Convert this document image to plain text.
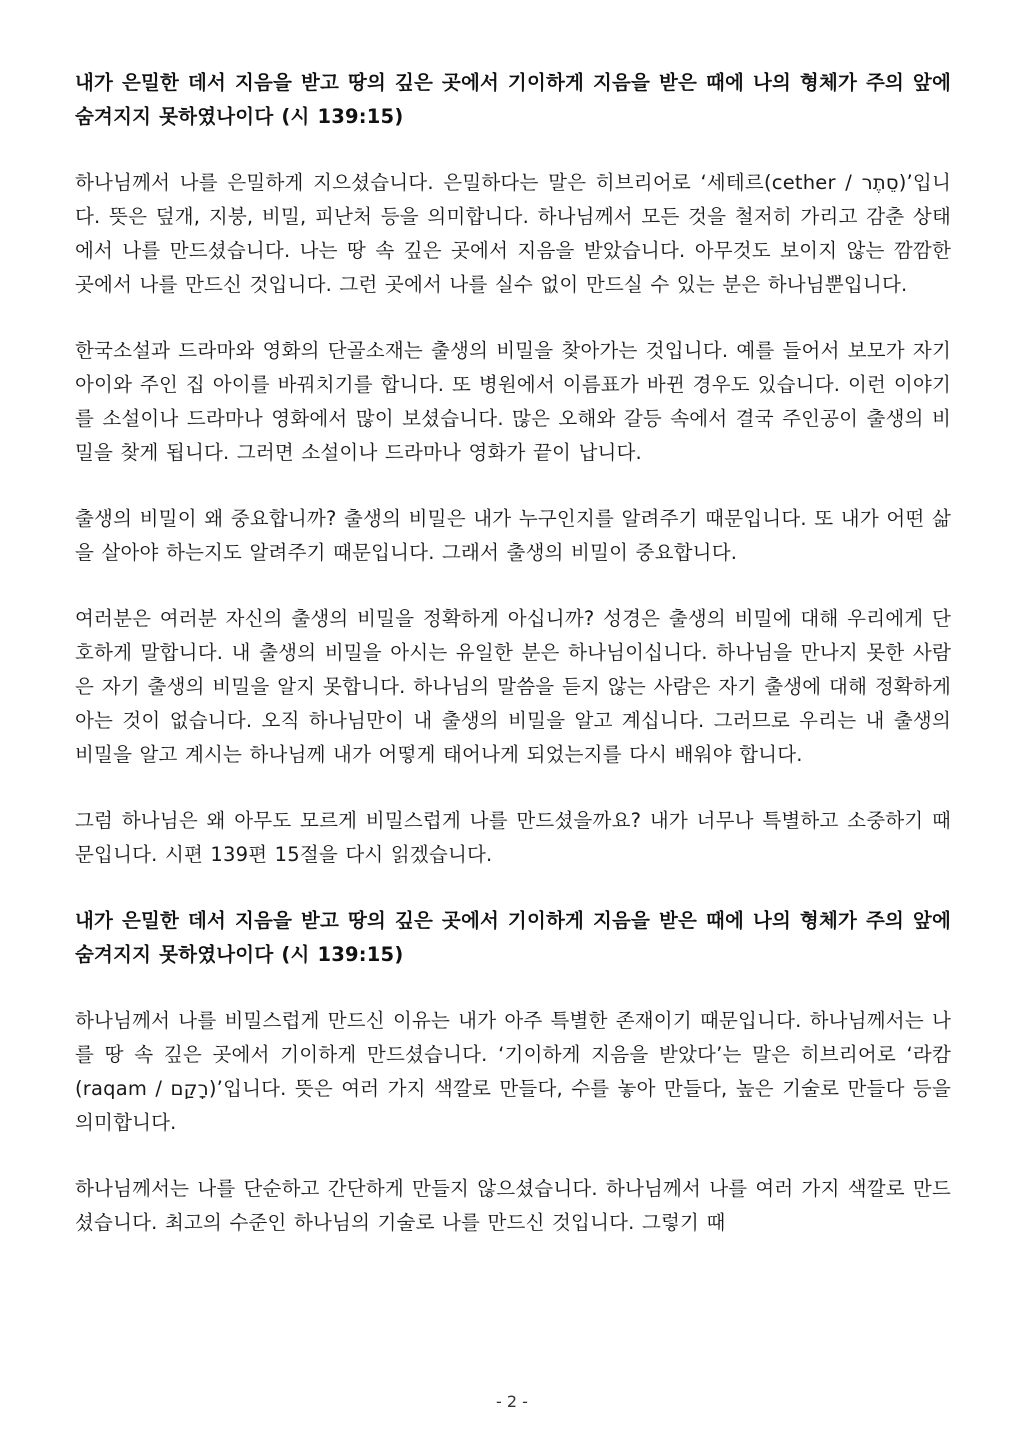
내가 은밀한 데서 지음을 받고 땅의 깊은 곳에서 기이하게 지음을 받은 때에 나의 형체가 주의 앞에 숨겨지지 못하였나이다 (시 139:15)

하나님께서 나를 은밀하게 지으셨습니다. 은밀하다는 말은 히브리어로 ‘세테르(cether / סֵתֶר)’입니다. 뜻은 덮개, 지붕, 비밀, 피난처 등을 의미합니다. 하나님께서 모든 것을 철저히 가리고 감춘 상태에서 나를 만드셨습니다. 나는 땅 속 깊은 곳에서 지음을 받았습니다. 아무것도 보이지 않는 깜깜한 곳에서 나를 만드신 것입니다. 그런 곳에서 나를 실수 없이 만드실 수 있는 분은 하나님뿐입니다.

한국소설과 드라마와 영화의 단골소재는 출생의 비밀을 찾아가는 것입니다. 예를 들어서 보모가 자기 아이와 주인 집 아이를 바꿔치기를 합니다. 또 병원에서 이름표가 바뀐 경우도 있습니다. 이런 이야기를 소설이나 드라마나 영화에서 많이 보셨습니다. 많은 오해와 갈등 속에서 결국 주인공이 출생의 비밀을 찾게 됩니다. 그러면 소설이나 드라마나 영화가 끝이 납니다.

출생의 비밀이 왜 중요합니까? 출생의 비밀은 내가 누구인지를 알려주기 때문입니다. 또 내가 어떤 삶을 살아야 하는지도 알려주기 때문입니다. 그래서 출생의 비밀이 중요합니다.

여러분은 여러분 자신의 출생의 비밀을 정확하게 아십니까? 성경은 출생의 비밀에 대해 우리에게 단호하게 말합니다. 내 출생의 비밀을 아시는 유일한 분은 하나님이십니다. 하나님을 만나지 못한 사람은 자기 출생의 비밀을 알지 못합니다. 하나님의 말씀을 듣지 않는 사람은 자기 출생에 대해 정확하게 아는 것이 없습니다. 오직 하나님만이 내 출생의 비밀을 알고 계십니다. 그러므로 우리는 내 출생의 비밀을 알고 계시는 하나님께 내가 어떻게 태어나게 되었는지를 다시 배워야 합니다.

그럼 하나님은 왜 아무도 모르게 비밀스럽게 나를 만드셨을까요? 내가 너무나 특별하고 소중하기 때문입니다. 시편 139편 15절을 다시 읽겠습니다.

내가 은밀한 데서 지음을 받고 땅의 깊은 곳에서 기이하게 지음을 받은 때에 나의 형체가 주의 앞에 숨겨지지 못하였나이다 (시 139:15)

하나님께서 나를 비밀스럽게 만드신 이유는 내가 아주 특별한 존재이기 때문입니다. 하나님께서는 나를 땅 속 깊은 곳에서 기이하게 만드셨습니다. ‘기이하게 지음을 받았다’는 말은 히브리어로 ‘라캄(raqam / רָקַם)’입니다. 뜻은 여러 가지 색깔로 만들다, 수를 놓아 만들다, 높은 기술로 만들다 등을 의미합니다.

하나님께서는 나를 단순하고 간단하게 만들지 않으셨습니다. 하나님께서 나를 여러 가지 색깔로 만드셨습니다. 최고의 수준인 하나님의 기술로 나를 만드신 것입니다. 그렇기 때

- 2 -
